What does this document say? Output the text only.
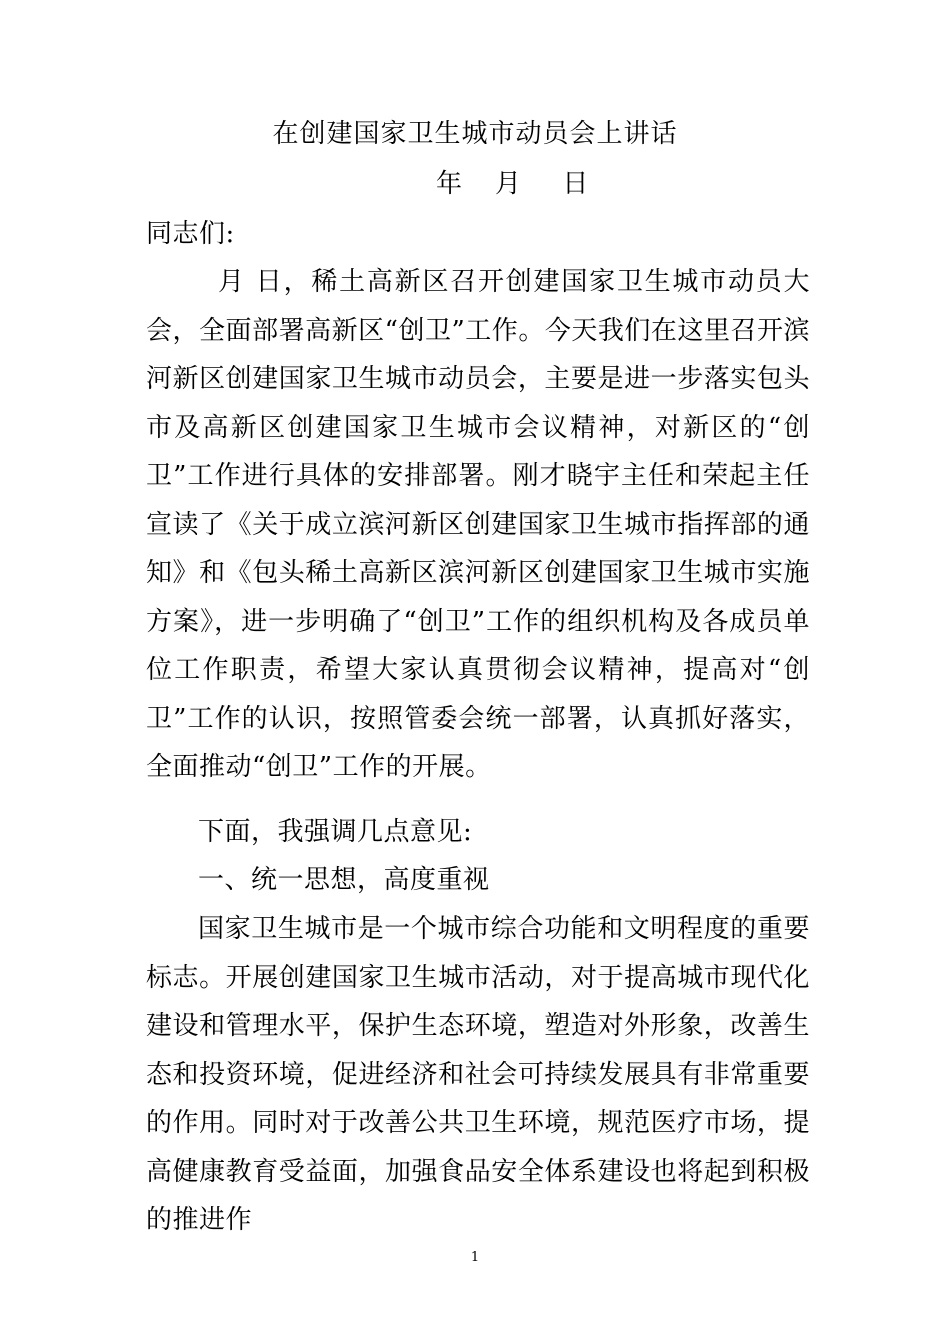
在创建国家卫生城市动员会上讲话
年    月     日

同志们:

月 日，稀土高新区召开创建国家卫生城市动员大会，全面部署高新区“创卫”工作。今天我们在这里召开滨河新区创建国家卫生城市动员会，主要是进一步落实包头市及高新区创建国家卫生城市会议精神，对新区的“创卫”工作进行具体的安排部署。刚才晓宇主任和荣起主任宣读了《关于成立滨河新区创建国家卫生城市指挥部的通知》和《包头稀土高新区滨河新区创建国家卫生城市实施方案》，进一步明确了“创卫”工作的组织机构及各成员单位工作职责，希望大家认真贯彻会议精神，提高对“创卫”工作的认识，按照管委会统一部署，认真抓好落实，全面推动“创卫”工作的开展。

下面，我强调几点意见:

一、统一思想，高度重视

国家卫生城市是一个城市综合功能和文明程度的重要标志。开展创建国家卫生城市活动，对于提高城市现代化建设和管理水平，保护生态环境，塑造对外形象，改善生态和投资环境，促进经济和社会可持续发展具有非常重要的作用。同时对于改善公共卫生环境，规范医疗市场，提高健康教育受益面，加强食品安全体系建设也将起到积极的推进作

1
